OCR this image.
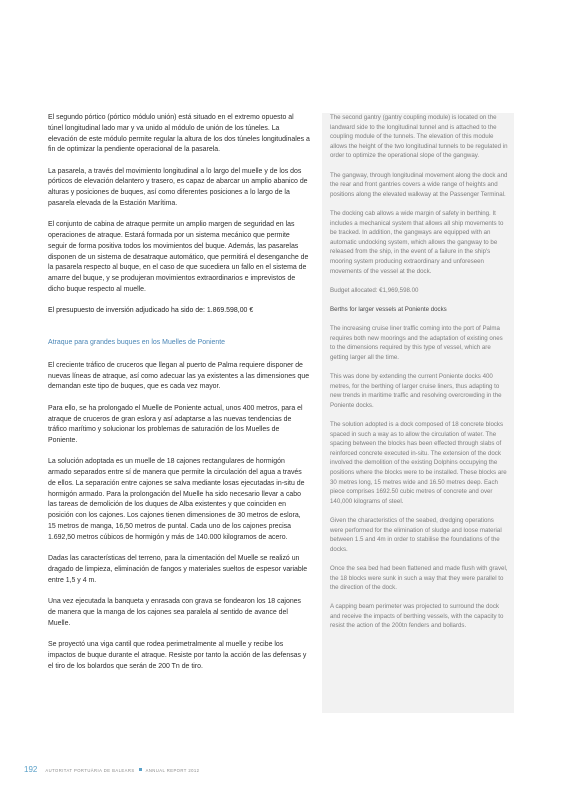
El segundo pórtico (pórtico módulo unión) está situado en el extremo opuesto al túnel longitudinal lado mar y va unido al módulo de unión de los túneles. La elevación de este módulo permite regular la altura de los dos túneles longitudinales a fin de optimizar la pendiente operacional de la pasarela.

La pasarela, a través del movimiento longitudinal a lo largo del muelle y de los dos pórticos de elevación delantero y trasero, es capaz de abarcar un amplio abanico de alturas y posiciones de buques, así como diferentes posiciones a lo largo de la pasarela elevada de la Estación Marítima.

El conjunto de cabina de atraque permite un amplio margen de seguridad en las operaciones de atraque. Estará formada por un sistema mecánico que permite seguir de forma positiva todos los movimientos del buque. Además, las pasarelas disponen de un sistema de desatraque automático, que permitirá el desenganche de la pasarela respecto al buque, en el caso de que sucediera un fallo en el sistema de amarre del buque, y se produjeran movimientos extraordinarios e imprevistos de dicho buque respecto al muelle.

El presupuesto de inversión adjudicado ha sido de: 1.869.598,00 €

Atraque para grandes buques en los Muelles de Poniente

El creciente tráfico de cruceros que llegan al puerto de Palma requiere disponer de nuevas líneas de atraque, así como adecuar las ya existentes a las dimensiones que demandan este tipo de buques, que es cada vez mayor.

Para ello, se ha prolongado el Muelle de Poniente actual, unos 400 metros, para el atraque de cruceros de gran eslora y así adaptarse a las nuevas tendencias de tráfico marítimo y solucionar los problemas de saturación de los Muelles de Poniente.

La solución adoptada es un muelle de 18 cajones rectangulares de hormigón armado separados entre sí de manera que permite la circulación del agua a través de ellos. La separación entre cajones se salva mediante losas ejecutadas in-situ de hormigón armado. Para la prolongación del Muelle ha sido necesario llevar a cabo las tareas de demolición de los duques de Alba existentes y que coinciden en posición con los cajones. Los cajones tienen dimensiones de 30 metros de eslora, 15 metros de manga, 16,50 metros de puntal. Cada uno de los cajones precisa 1.692,50 metros cúbicos de hormigón y más de 140.000 kilogramos de acero.

Dadas las características del terreno, para la cimentación del Muelle se realizó un dragado de limpieza, eliminación de fangos y materiales sueltos de espesor variable entre 1,5 y 4 m.

Una vez ejecutada la banqueta y enrasada con grava se fondearon los 18 cajones de manera que la manga de los cajones sea paralela al sentido de avance del Muelle.

Se proyectó una viga cantil que rodea perimetralmente al muelle y recibe los impactos de buque durante el atraque. Resiste por tanto la acción de las defensas y el tiro de los bolardos que serán de 200 Tn de tiro.

The second gantry (gantry coupling module) is located on the landward side to the longitudinal tunnel and is attached to the coupling module of the tunnels. The elevation of this module allows the height of the two longitudinal tunnels to be regulated in order to optimize the operational slope of the gangway.

The gangway, through longitudinal movement along the dock and the rear and front gantries covers a wide range of heights and positions along the elevated walkway at the Passenger Terminal.

The docking cab allows a wide margin of safety in berthing. It includes a mechanical system that allows all ship movements to be tracked. In addition, the gangways are equipped with an automatic undocking system, which allows the gangway to be released from the ship, in the event of a failure in the ship's mooring system producing extraordinary and unforeseen movements of the vessel at the dock.

Budget allocated: €1,969,598.00

Berths for larger vessels at Poniente docks

The increasing cruise liner traffic coming into the port of Palma requires both new moorings and the adaptation of existing ones to the dimensions required by this type of vessel, which are getting larger all the time.

This was done by extending the current Poniente docks 400 metres, for the berthing of larger cruise liners, thus adapting to new trends in maritime traffic and resolving overcrowding in the Poniente docks.

The solution adopted is a dock composed of 18 concrete blocks spaced in such a way as to allow the circulation of water. The spacing between the blocks has been effected through slabs of reinforced concrete executed in-situ. The extension of the dock involved the demolition of the existing Dolphins occupying the positions where the blocks were to be installed. These blocks are 30 metres long, 15 metres wide and 16.50 metres deep. Each piece comprises 1692.50 cubic metres of concrete and over 140,000 kilograms of steel.

Given the characteristics of the seabed, dredging operations were performed for the elimination of sludge and loose material between 1.5 and 4m in order to stabilise the foundations of the docks.

Once the sea bed had been flattened and made flush with gravel, the 18 blocks were sunk in such a way that they were parallel to the direction of the dock.

A capping beam perimeter was projected to surround the dock and receive the impacts of berthing vessels, with the capacity to resist the action of the 200tn fenders and bollards.

192 AUTORITAT PORTUÀRIA DE BALEARS	ANNUAL REPORT 2012
